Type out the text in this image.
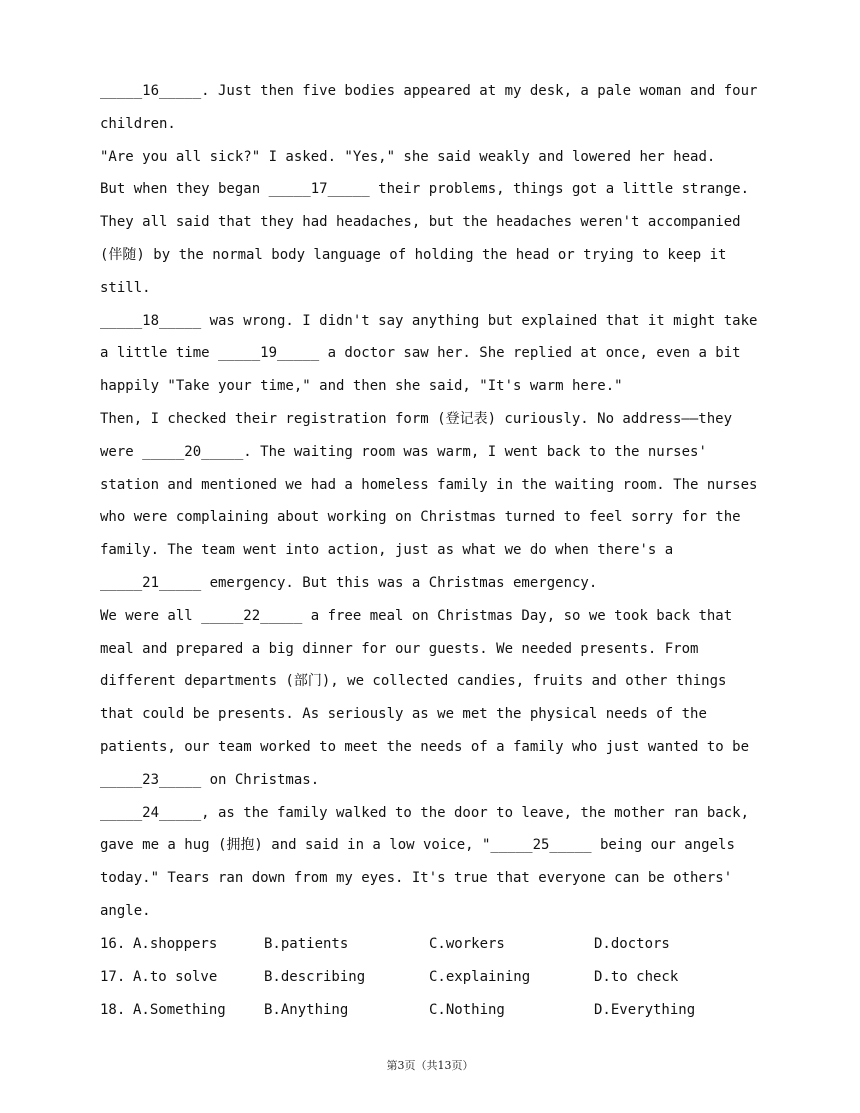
_____16_____. Just then five bodies appeared at my desk, a pale woman and four
children.
"Are you all sick?" I asked. "Yes," she said weakly and lowered her head.
But when they began _____17_____ their problems, things got a little strange.
They all said that they had headaches, but the headaches weren't accompanied
(伴随) by the normal body language of holding the head or trying to keep it
still.
_____18_____ was wrong. I didn't say anything but explained that it might take
a little time _____19_____ a doctor saw her. She replied at once, even a bit
happily "Take your time," and then she said, "It's warm here."
Then, I checked their registration form (登记表) curiously. No address——they
were _____20_____. The waiting room was warm, I went back to the nurses'
station and mentioned we had a homeless family in the waiting room. The nurses
who were complaining about working on Christmas turned to feel sorry for the
family. The team went into action, just as what we do when there's a
_____21_____ emergency. But this was a Christmas emergency.
We were all _____22_____ a free meal on Christmas Day, so we took back that
meal and prepared a big dinner for our guests. We needed presents. From
different departments (部门), we collected candies, fruits and other things
that could be presents. As seriously as we met the physical needs of the
patients, our team worked to meet the needs of a family who just wanted to be
_____23_____ on Christmas.
_____24_____, as the family walked to the door to leave, the mother ran back,
gave me a hug (拥抱) and said in a low voice, "_____25_____ being our angels
today." Tears ran down from my eyes. It's true that everyone can be others'
angle.
16. A.shoppers	B.patients	C.workers	D.doctors
17. A.to solve	B.describing	C.explaining	D.to check
18. A.Something	B.Anything	C.Nothing	D.Everything
第3页（共13页）
